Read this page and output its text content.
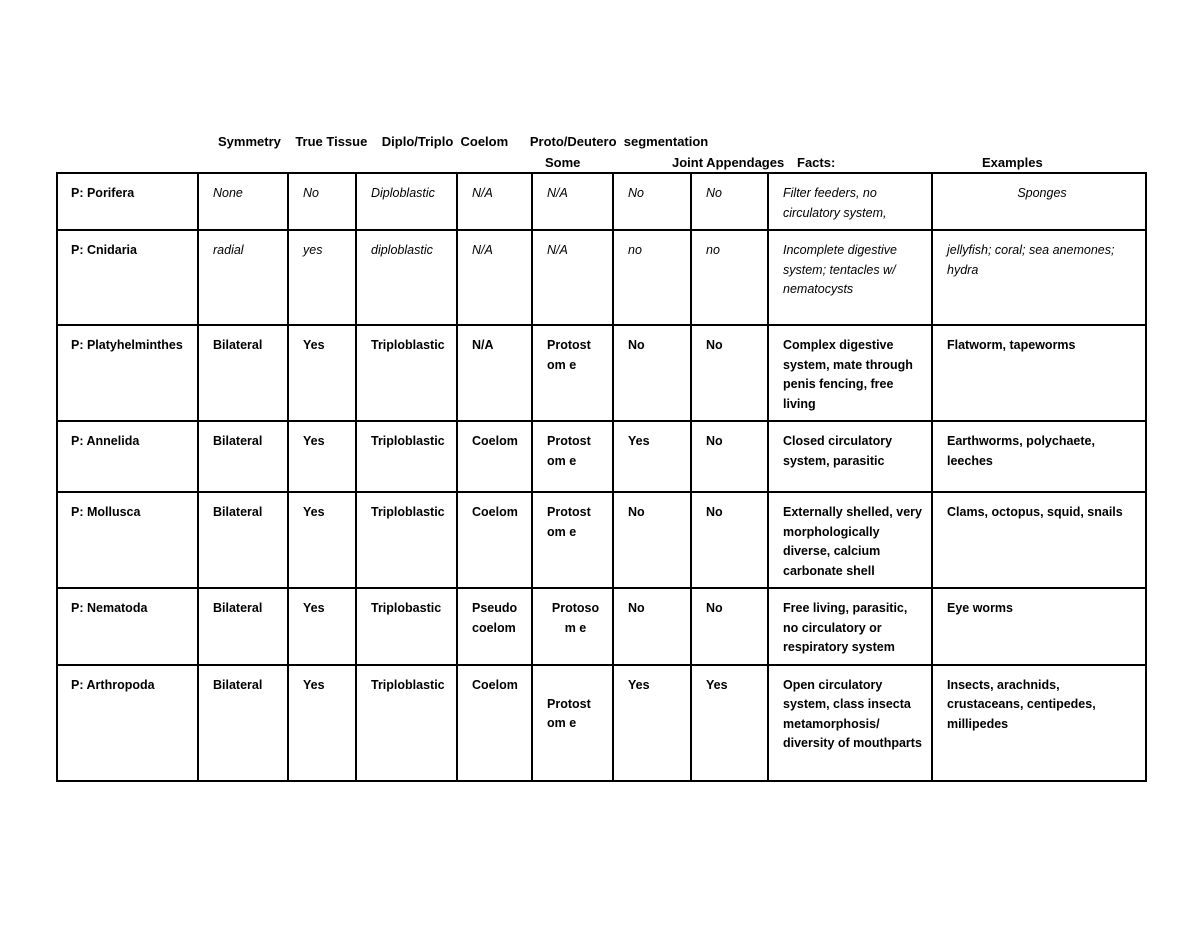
Symmetry    True Tissue    Diplo/Triplo  Coelom      Proto/Deutero  segmentation
Some	Joint Appendages Facts:	Examples
P: Porifera	None	No	Diploblastic	N/A	N/A	No	No	Filter feeders, no circulatory system,	Sponges
P: Cnidaria	radial	yes	diploblastic	N/A	N/A	no	no	Incomplete digestive system; tentacles w/ nematocysts	jellyfish; coral; sea anemones; hydra
P: Platyhelminthes	Bilateral	Yes	Triploblastic	N/A	Protost om e	No	No	Complex digestive system, mate through penis fencing, free living	Flatworm, tapeworms
P: Annelida	Bilateral	Yes	Triploblastic	Coelom	Protost om e	Yes	No	Closed circulatory system, parasitic	Earthworms, polychaete, leeches
P: Mollusca	Bilateral	Yes	Triploblastic	Coelom	Protost om e	No	No	Externally shelled, very morphologically diverse, calcium carbonate shell	Clams, octopus, squid, snails
P: Nematoda	Bilateral	Yes	Triplobastic	Pseudo coelom	Protosom e	No	No	Free living, parasitic, no circulatory or respiratory system	Eye worms
P: Arthropoda	Bilateral	Yes	Triploblastic	Coelom	Protost om e	Yes	Yes	Open circulatory system, class insecta metamorphosis/ diversity of mouthparts	Insects, arachnids, crustaceans, centipedes, millipedes
